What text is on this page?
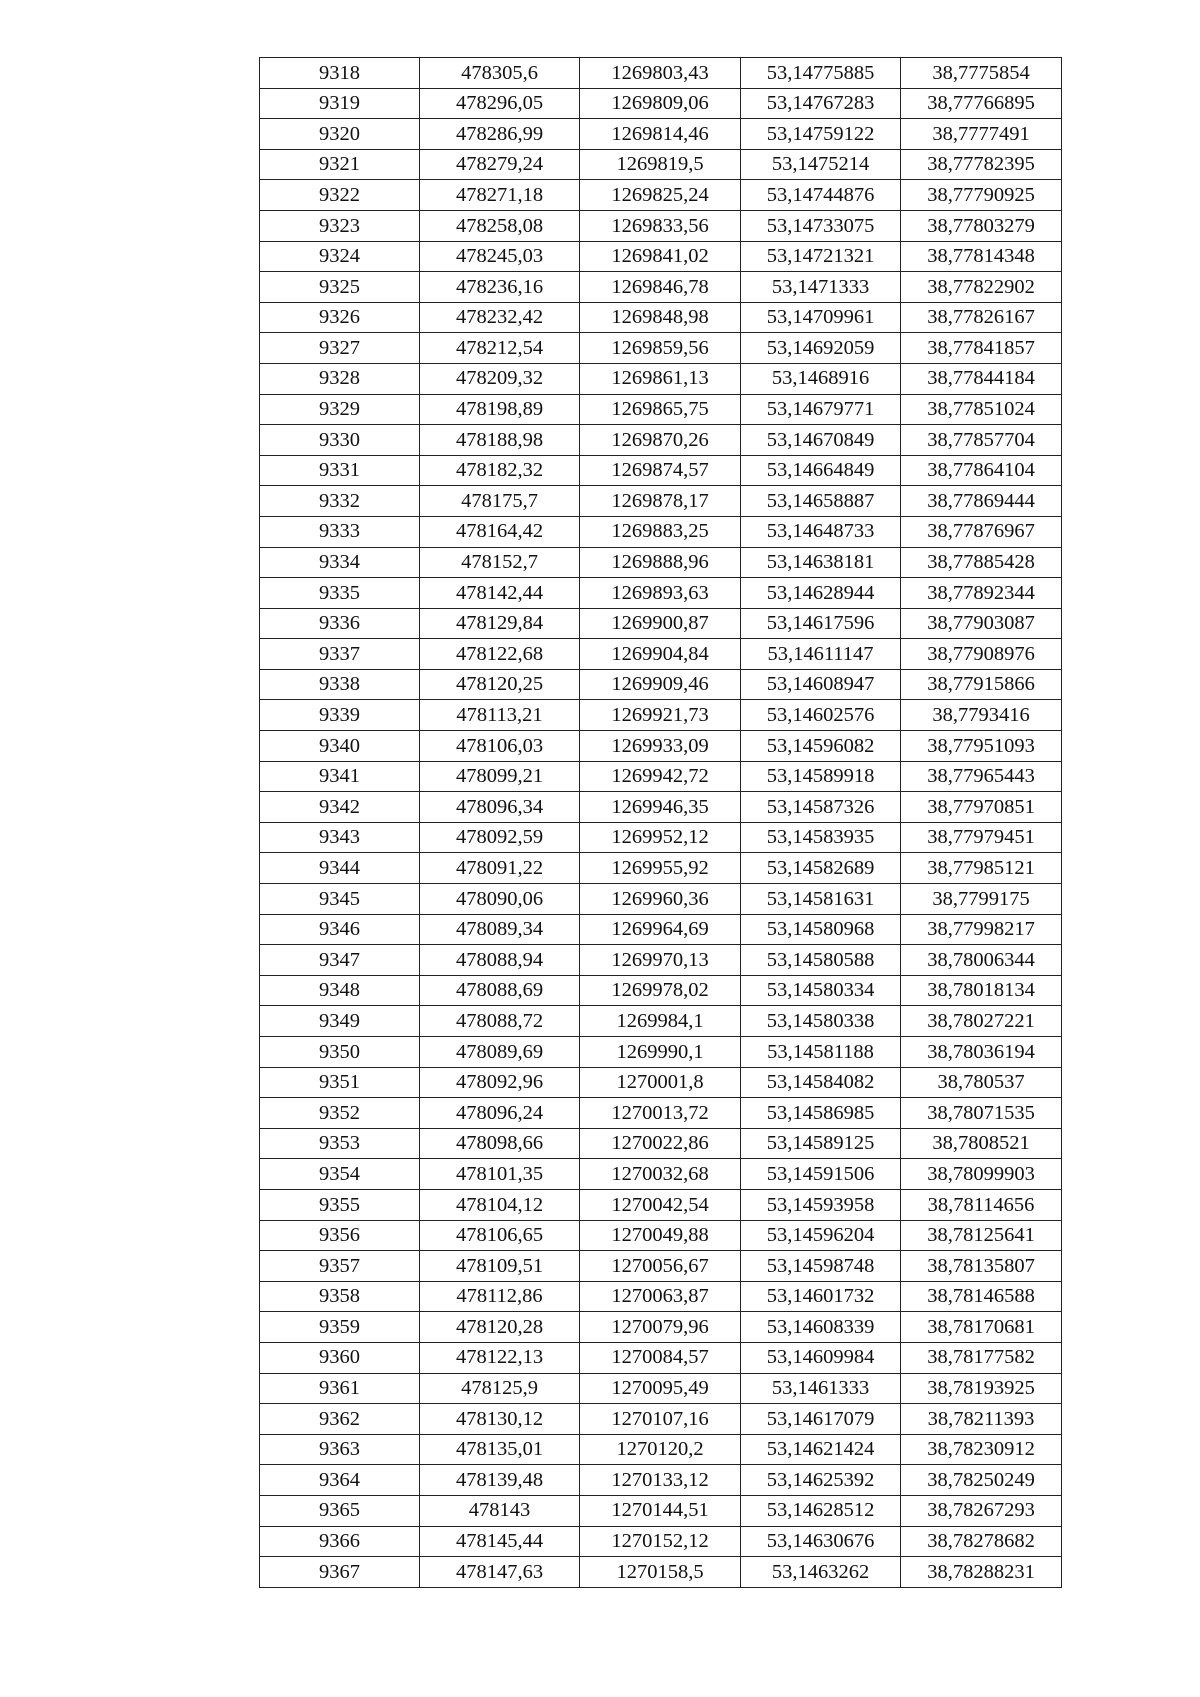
9318	478305,6	1269803,43	53,14775885	38,7775854
9319	478296,05	1269809,06	53,14767283	38,77766895
9320	478286,99	1269814,46	53,14759122	38,7777491
9321	478279,24	1269819,5	53,1475214	38,77782395
9322	478271,18	1269825,24	53,14744876	38,77790925
9323	478258,08	1269833,56	53,14733075	38,77803279
9324	478245,03	1269841,02	53,14721321	38,77814348
9325	478236,16	1269846,78	53,1471333	38,77822902
9326	478232,42	1269848,98	53,14709961	38,77826167
9327	478212,54	1269859,56	53,14692059	38,77841857
9328	478209,32	1269861,13	53,1468916	38,77844184
9329	478198,89	1269865,75	53,14679771	38,77851024
9330	478188,98	1269870,26	53,14670849	38,77857704
9331	478182,32	1269874,57	53,14664849	38,77864104
9332	478175,7	1269878,17	53,14658887	38,77869444
9333	478164,42	1269883,25	53,14648733	38,77876967
9334	478152,7	1269888,96	53,14638181	38,77885428
9335	478142,44	1269893,63	53,14628944	38,77892344
9336	478129,84	1269900,87	53,14617596	38,77903087
9337	478122,68	1269904,84	53,14611147	38,77908976
9338	478120,25	1269909,46	53,14608947	38,77915866
9339	478113,21	1269921,73	53,14602576	38,7793416
9340	478106,03	1269933,09	53,14596082	38,77951093
9341	478099,21	1269942,72	53,14589918	38,77965443
9342	478096,34	1269946,35	53,14587326	38,77970851
9343	478092,59	1269952,12	53,14583935	38,77979451
9344	478091,22	1269955,92	53,14582689	38,77985121
9345	478090,06	1269960,36	53,14581631	38,7799175
9346	478089,34	1269964,69	53,14580968	38,77998217
9347	478088,94	1269970,13	53,14580588	38,78006344
9348	478088,69	1269978,02	53,14580334	38,78018134
9349	478088,72	1269984,1	53,14580338	38,78027221
9350	478089,69	1269990,1	53,14581188	38,78036194
9351	478092,96	1270001,8	53,14584082	38,780537
9352	478096,24	1270013,72	53,14586985	38,78071535
9353	478098,66	1270022,86	53,14589125	38,7808521
9354	478101,35	1270032,68	53,14591506	38,78099903
9355	478104,12	1270042,54	53,14593958	38,78114656
9356	478106,65	1270049,88	53,14596204	38,78125641
9357	478109,51	1270056,67	53,14598748	38,78135807
9358	478112,86	1270063,87	53,14601732	38,78146588
9359	478120,28	1270079,96	53,14608339	38,78170681
9360	478122,13	1270084,57	53,14609984	38,78177582
9361	478125,9	1270095,49	53,1461333	38,78193925
9362	478130,12	1270107,16	53,14617079	38,78211393
9363	478135,01	1270120,2	53,14621424	38,78230912
9364	478139,48	1270133,12	53,14625392	38,78250249
9365	478143	1270144,51	53,14628512	38,78267293
9366	478145,44	1270152,12	53,14630676	38,78278682
9367	478147,63	1270158,5	53,1463262	38,78288231
